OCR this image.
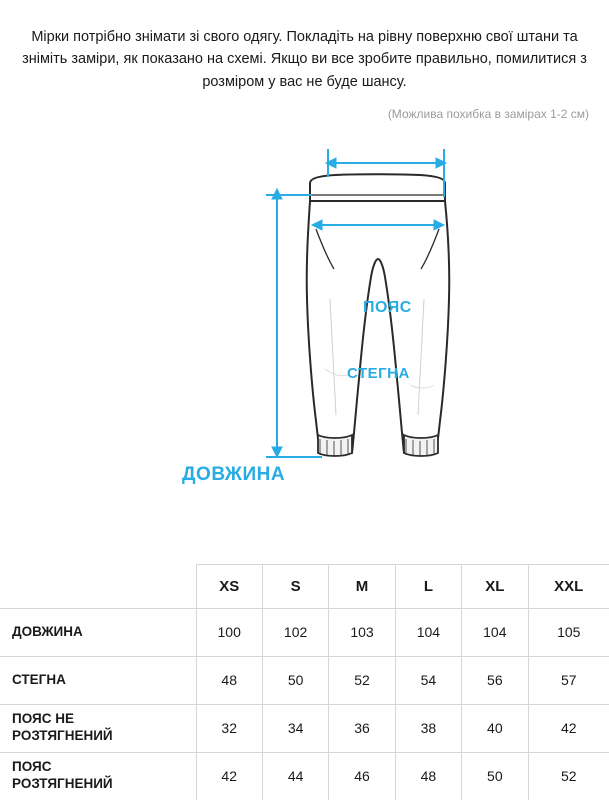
Мірки потрібно знімати зі свого одягу. Покладіть на рівну поверхню свої штани та зніміть заміри, як показано на схемі. Якщо ви все зробите правильно, помилитися з розміром у вас не буде шансу.

(Можлива похибка в замірах 1-2 см)
ПОЯС
СТЕГНА
ДОВЖИНА
	XS	S	M	L	XL	XXL

ДОВЖИНА	100	102	103	104	104	105

СТЕГНА	48	50	52	54	56	57

ПОЯС НЕ
РОЗТЯГНЕНИЙ	32	34	36	38	40	42

ПОЯС
РОЗТЯГНЕНИЙ	42	44	46	48	50	52
